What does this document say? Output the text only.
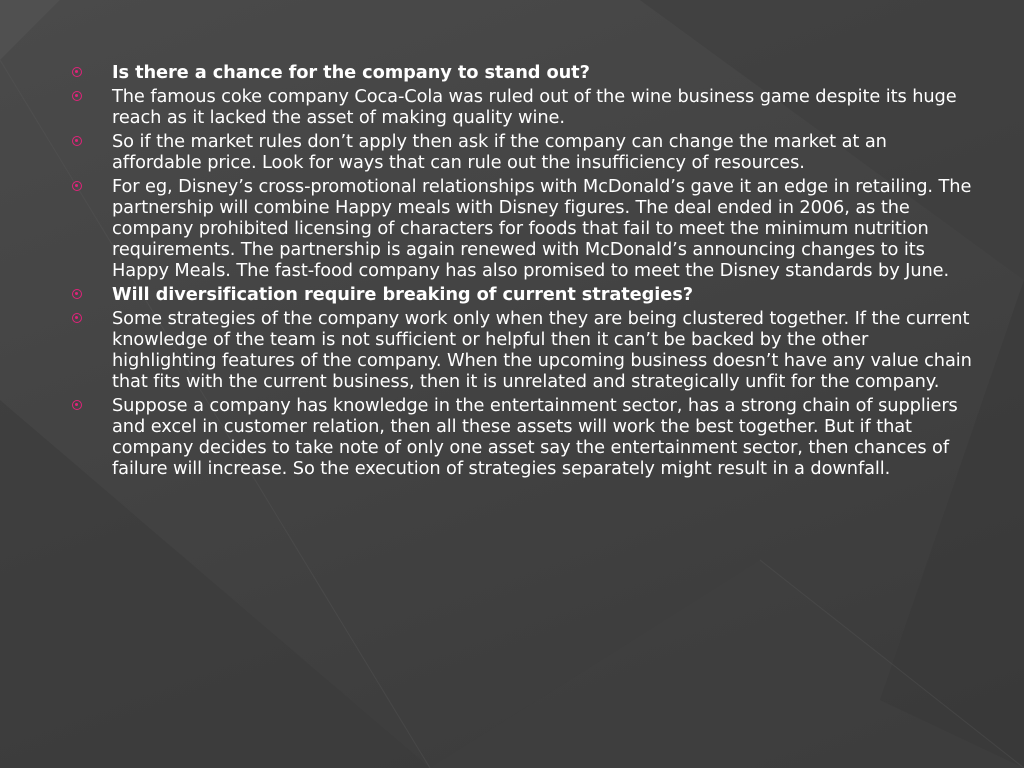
Is there a chance for the company to stand out?
The famous coke company Coca-Cola was ruled out of the wine business game despite its huge reach as it lacked the asset of making quality wine.
So if the market rules don’t apply then ask if the company can change the market at an affordable price. Look for ways that can rule out the insufficiency of resources.
For eg, Disney’s cross-promotional relationships with McDonald’s gave it an edge in retailing. The partnership will combine Happy meals with Disney figures. The deal ended in 2006, as the company prohibited licensing of characters for foods that fail to meet the minimum nutrition requirements. The partnership is again renewed with McDonald’s announcing changes to its Happy Meals. The fast-food company has also promised to meet the Disney standards by June.
Will diversification require breaking of current strategies?
Some strategies of the company work only when they are being clustered together. If the current knowledge of the team is not sufficient or helpful then it can’t be backed by the other highlighting features of the company. When the upcoming business doesn’t have any value chain that fits with the current business, then it is unrelated and strategically unfit for the company.
Suppose a company has knowledge in the entertainment sector, has a strong chain of suppliers and excel in customer relation, then all these assets will work the best together. But if that company decides to take note of only one asset say the entertainment sector, then chances of failure will increase. So the execution of strategies separately might result in a downfall.
